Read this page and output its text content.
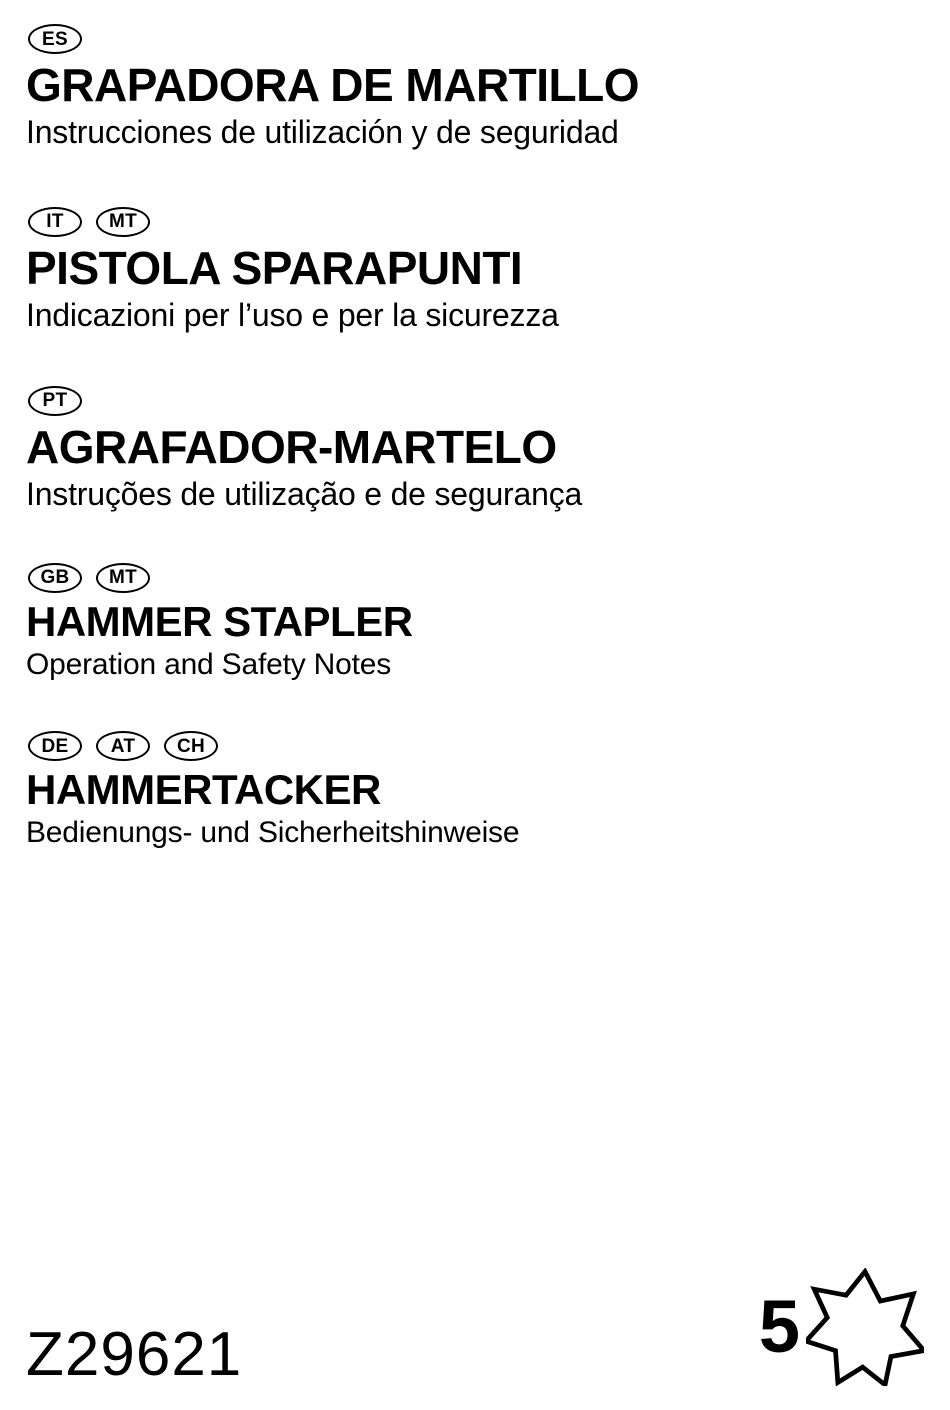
ES
GRAPADORA DE MARTILLO
Instrucciones de utilización y de seguridad
IT	MT
PISTOLA SPARAPUNTI
Indicazioni per l’uso e per la sicurezza
PT
AGRAFADOR-MARTELO
Instruções de utilização e de segurança
GB	MT
HAMMER STAPLER
Operation and Safety Notes
DE	AT	CH
HAMMERTACKER
Bedienungs- und Sicherheitshinweise
Z29621	5
